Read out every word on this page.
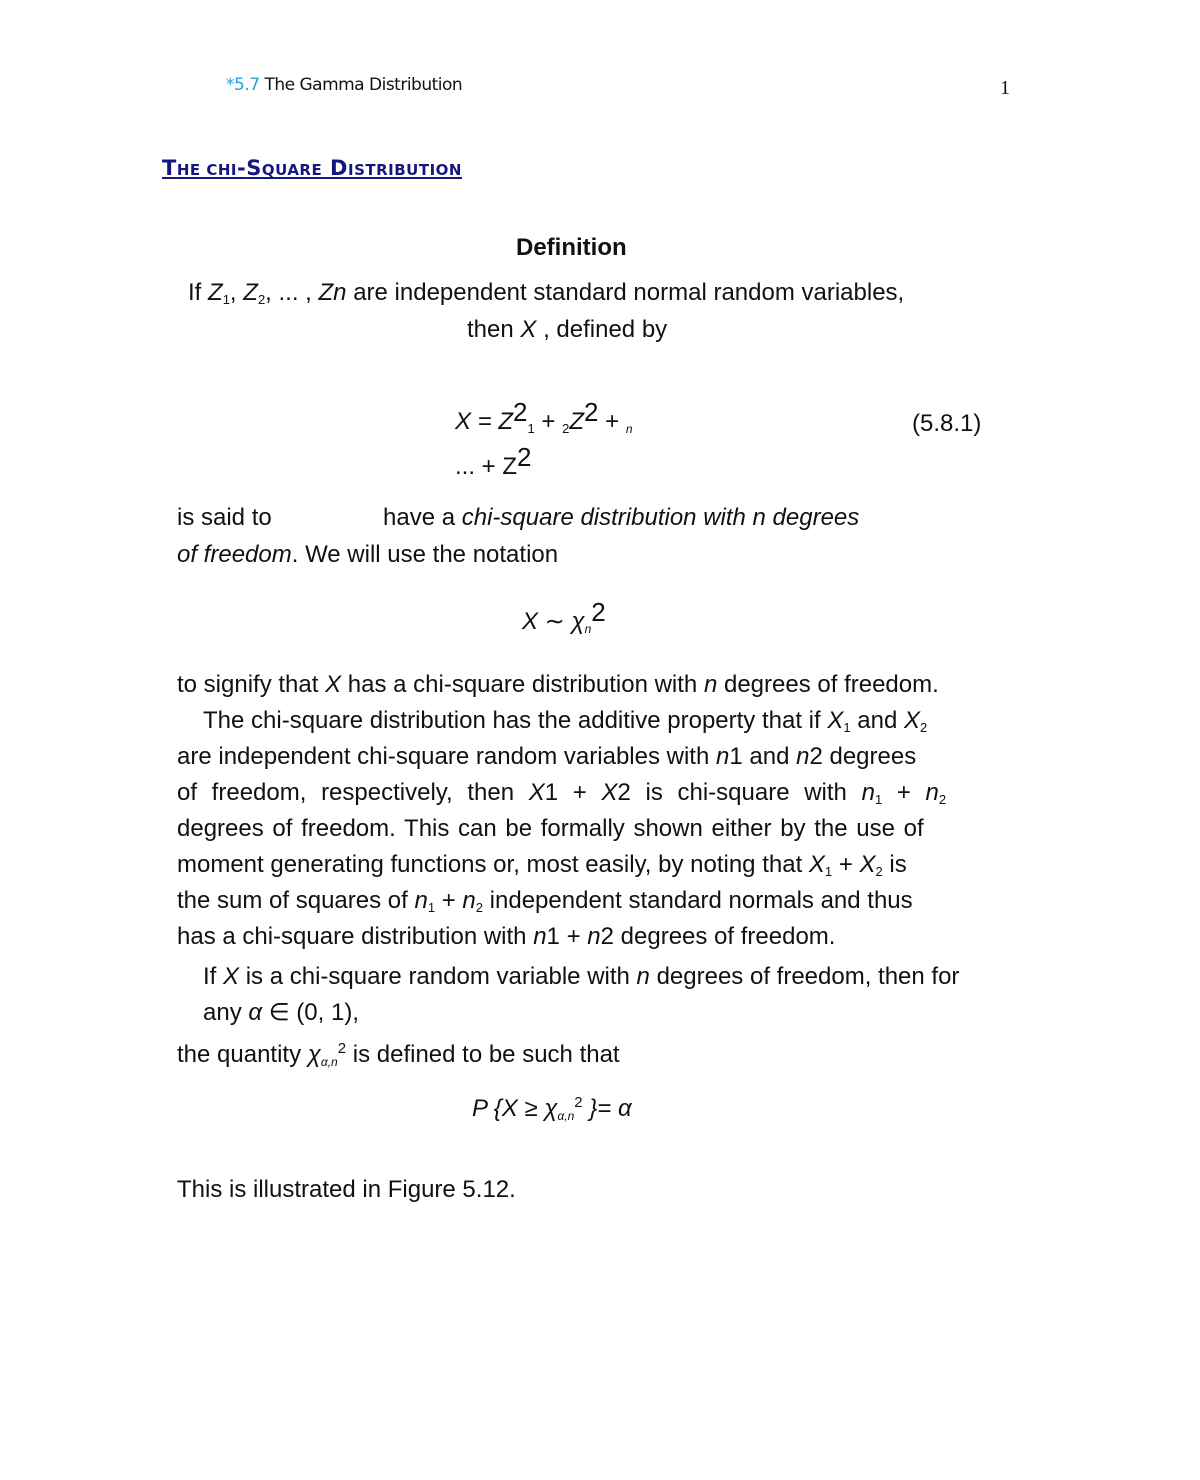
*5.7 The Gamma Distribution	1
THE CHI-SQUARE DISTRIBUTION
Definition
If $Z_1$, $Z_2$, ... , Zn are independent standard normal random variables,
then X , defined by
$X = Z2_1 + _2Z2 + _n$
... + Z2
(5.8.1)
is said to	have a chi-square distribution with n degrees
of freedom. We will use the notation
X ∼ $\chi_n2$
to signify that X has a chi-square distribution with n degrees of freedom.
The chi-square distribution has the additive property that if $X_1$ and $X_2$
are independent chi-square random variables with n1 and n2 degrees
of freedom, respectively, then X1 + X2 is chi-square with $n_1 + n_2$
degrees of freedom. This can be formally shown either by the use of
moment generating functions or, most easily, by noting that $X_1 + X_2$ is
the sum of squares of $n_1 + n_2$ independent standard normals and thus
has a chi-square distribution with n1 + n2 degrees of freedom.
If X is a chi-square random variable with n degrees of freedom, then for
any α ∈ (0, 1),
the quantity $\chi_{\alpha,n}^2$ is defined to be such that
P {$X \ge \chi_{\alpha,n}^2$ }= α
This is illustrated in Figure 5.12.
